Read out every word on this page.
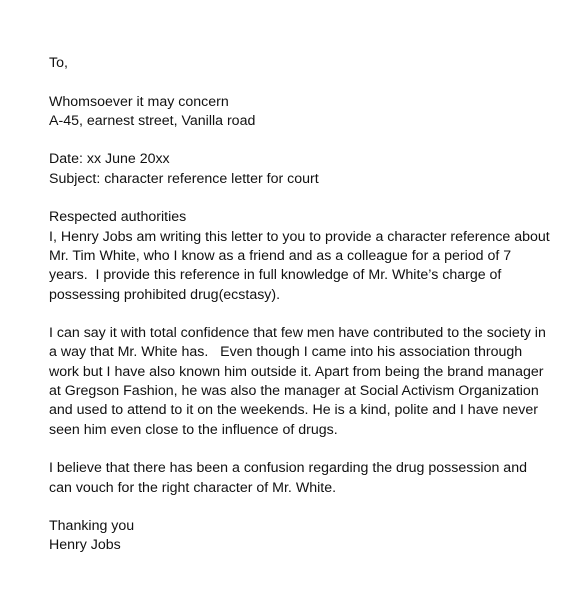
To,
Whomsoever it may concern
A-45, earnest street, Vanilla road
Date: xx June 20xx
Subject: character reference letter for court
Respected authorities
I, Henry Jobs am writing this letter to you to provide a character reference about
Mr. Tim White, who I know as a friend and as a colleague for a period of 7
years.  I provide this reference in full knowledge of Mr. White’s charge of
possessing prohibited drug(ecstasy).
I can say it with total confidence that few men have contributed to the society in
a way that Mr. White has.   Even though I came into his association through
work but I have also known him outside it. Apart from being the brand manager
at Gregson Fashion, he was also the manager at Social Activism Organization
and used to attend to it on the weekends. He is a kind, polite and I have never
seen him even close to the influence of drugs.
I believe that there has been a confusion regarding the drug possession and
can vouch for the right character of Mr. White.
Thanking you
Henry Jobs
